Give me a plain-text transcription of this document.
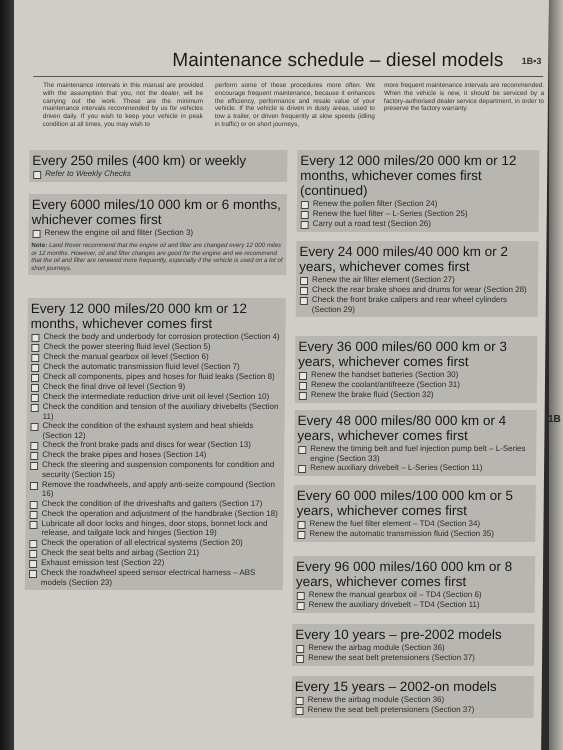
Maintenance schedule – diesel models 1B•3
The maintenance intervals in this manual are provided with the assumption that you, not the dealer, will be carrying out the work. These are the minimum maintenance intervals recommended by us for vehicles driven daily. If you wish to keep your vehicle in peak condition at all times, you may wish to
perform some of these procedures more often. We encourage frequent maintenance, because it enhances the efficiency, performance and resale value of your vehicle. If the vehicle is driven in dusty areas, used to tow a trailer, or driven frequently at slow speeds (idling in traffic) or on short journeys,
more frequent maintenance intervals are recommended. When the vehicle is new, it should be serviced by a factory-authorised dealer service department, in order to preserve the factory warranty.
Every 250 miles (400 km) or weekly
Refer to Weekly Checks
Every 6000 miles/10 000 km or 6 months, whichever comes first
Renew the engine oil and filter (Section 3)
Note: Land Rover recommend that the engine oil and filter are changed every 12 000 miles or 12 months. However, oil and filter changes are good for the engine and we recommend that the oil and filter are renewed more frequently, especially if the vehicle is used on a lot of short journeys.
Every 12 000 miles/20 000 km or 12 months, whichever comes first
Check the body and underbody for corrosion protection (Section 4)
Check the power steering fluid level (Section 5)
Check the manual gearbox oil level (Section 6)
Check the automatic transmission fluid level (Section 7)
Check all components, pipes and hoses for fluid leaks (Section 8)
Check the final drive oil level (Section 9)
Check the intermediate reduction drive unit oil level (Section 10)
Check the condition and tension of the auxiliary drivebelts (Section 11)
Check the condition of the exhaust system and heat shields (Section 12)
Check the front brake pads and discs for wear (Section 13)
Check the brake pipes and hoses (Section 14)
Check the steering and suspension components for condition and security (Section 15)
Remove the roadwheels, and apply anti-seize compound (Section 16)
Check the condition of the driveshafts and gaiters (Section 17)
Check the operation and adjustment of the handbrake (Section 18)
Lubricate all door locks and hinges, door stops, bonnet lock and release, and tailgate lock and hinges (Section 19)
Check the operation of all electrical systems (Section 20)
Check the seat belts and airbag (Section 21)
Exhaust emission test (Section 22)
Check the roadwheel speed sensor electrical harness – ABS models (Section 23)
Every 12 000 miles/20 000 km or 12 months, whichever comes first (continued)
Renew the pollen filter (Section 24)
Renew the fuel filter – L-Series (Section 25)
Carry out a road test (Section 26)
Every 24 000 miles/40 000 km or 2 years, whichever comes first
Renew the air filter element (Section 27)
Check the rear brake shoes and drums for wear (Section 28)
Check the front brake calipers and rear wheel cylinders (Section 29)
Every 36 000 miles/60 000 km or 3 years, whichever comes first
Renew the handset batteries (Section 30)
Renew the coolant/antifreeze (Section 31)
Renew the brake fluid (Section 32)
Every 48 000 miles/80 000 km or 4 years, whichever comes first
Renew the timing belt and fuel injection pump belt – L-Series engine (Section 33)
Renew auxiliary drivebelt – L-Series (Section 11)
Every 60 000 miles/100 000 km or 5 years, whichever comes first
Renew the fuel filter element – TD4 (Section 34)
Renew the automatic transmission fluid (Section 35)
Every 96 000 miles/160 000 km or 8 years, whichever comes first
Renew the manual gearbox oil – TD4 (Section 6)
Renew the auxiliary drivebelt – TD4 (Section 11)
Every 10 years – pre-2002 models
Renew the airbag module (Section 36)
Renew the seat belt pretensioners (Section 37)
Every 15 years – 2002-on models
Renew the airbag module (Section 36)
Renew the seat belt pretensioners (Section 37)
1B
